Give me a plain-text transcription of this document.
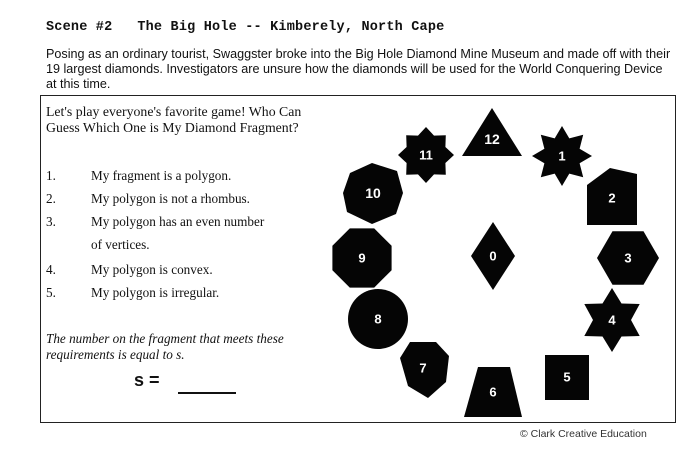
Scene #2   The Big Hole -- Kimberely, North Cape
Posing as an ordinary tourist, Swaggster broke into the Big Hole Diamond Mine Museum and made off with their 19 largest diamonds. Investigators are unsure how the diamonds will be used for the World Conquering Device at this time.
Let's play everyone's favorite game! Who Can Guess Which One is My Diamond Fragment?
1.	My fragment is a polygon.
2.	My polygon is not a rhombus.
3.	My polygon has an even number
of vertices.
4.	My polygon is convex.
5.	My polygon is irregular.
The number on the fragment that meets these requirements is equal to s.
s =
0
1
2
3
4
5
6
7
8
9
10
11
12
© Clark Creative Education
